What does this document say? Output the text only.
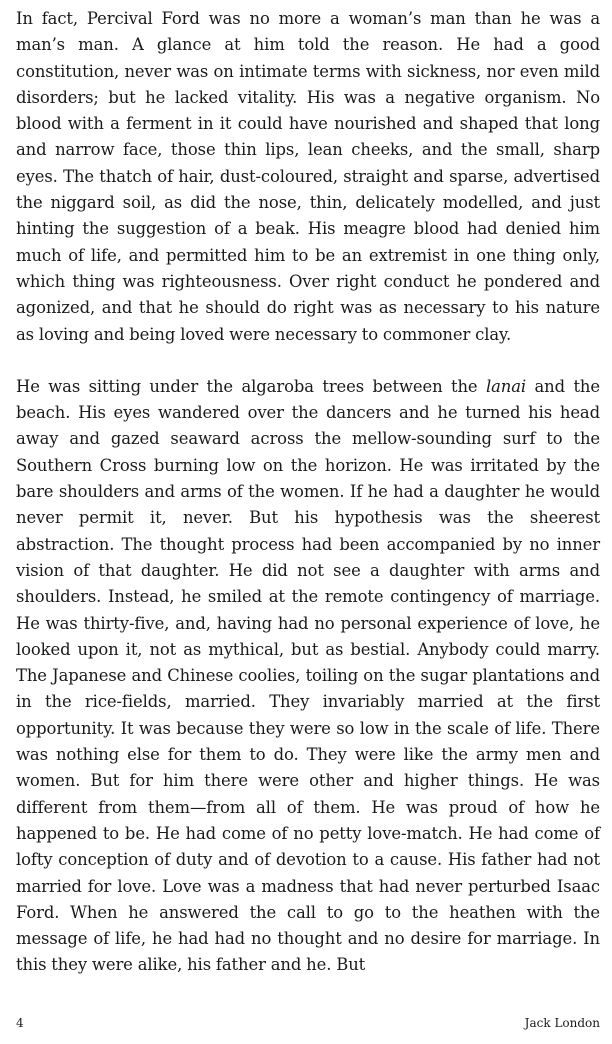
In fact, Percival Ford was no more a woman’s man than he was a man’s man. A glance at him told the reason. He had a good constitution, never was on intimate terms with sickness, nor even mild disorders; but he lacked vitality. His was a negative organism. No blood with a ferment in it could have nourished and shaped that long and narrow face, those thin lips, lean cheeks, and the small, sharp eyes. The thatch of hair, dust-coloured, straight and sparse, advertised the niggard soil, as did the nose, thin, delicately modelled, and just hinting the suggestion of a beak. His meagre blood had denied him much of life, and permitted him to be an extremist in one thing only, which thing was righteousness. Over right conduct he pondered and agonized, and that he should do right was as necessary to his nature as loving and being loved were necessary to commoner clay.

He was sitting under the algaroba trees between the lanai and the beach. His eyes wandered over the dancers and he turned his head away and gazed seaward across the mellow-sounding surf to the Southern Cross burning low on the horizon. He was irritated by the bare shoulders and arms of the women. If he had a daughter he would never permit it, never. But his hypothesis was the sheerest abstraction. The thought process had been accompanied by no inner vision of that daughter. He did not see a daughter with arms and shoulders. Instead, he smiled at the remote contingency of marriage. He was thirty-five, and, having had no personal experience of love, he looked upon it, not as mythical, but as bestial. Anybody could marry. The Japanese and Chinese coolies, toiling on the sugar plantations and in the rice-fields, married. They invariably married at the first opportunity. It was because they were so low in the scale of life. There was nothing else for them to do. They were like the army men and women. But for him there were other and higher things. He was different from them—from all of them. He was proud of how he happened to be. He had come of no petty love-match. He had come of lofty conception of duty and of devotion to a cause. His father had not married for love. Love was a madness that had never perturbed Isaac Ford. When he answered the call to go to the heathen with the message of life, he had had no thought and no desire for marriage. In this they were alike, his father and he. But

4	Jack London
